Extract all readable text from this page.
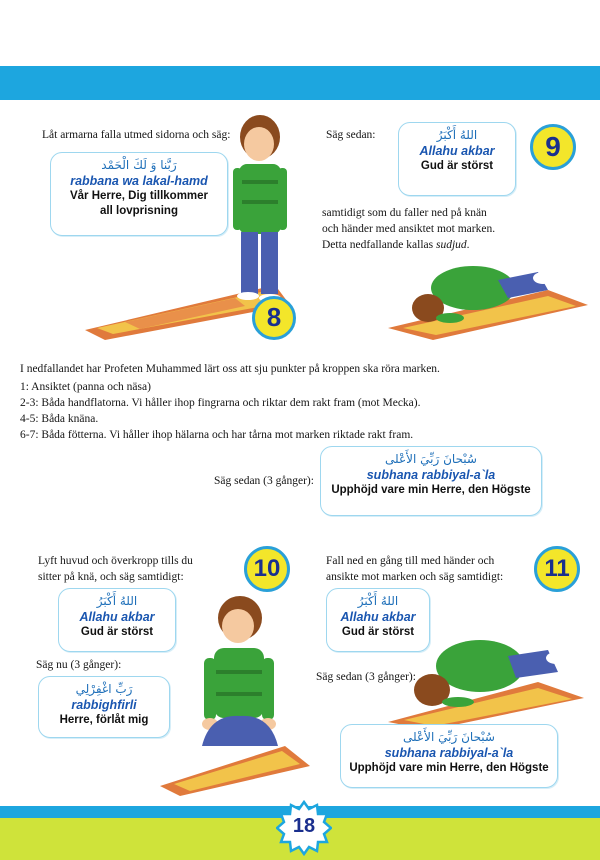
Låt armarna falla utmed sidorna och säg:
رَبَّنا وَ لَكَ الْحَمْد
rabbana wa lakal-hamd
Vår Herre, Dig tillkommer
all lovprisning
8
Säg sedan:	اللهُ أَكْبَرُ
Allahu akbar
Gud är störst
9
samtidigt som du faller ned på knän
och händer med ansiktet mot marken.
Detta nedfallande kallas sudjud.
I nedfallandet har Profeten Muhammed lärt oss att sju punkter på kroppen ska röra marken.
1: Ansiktet (panna och näsa)
2-3: Båda handflatorna. Vi håller ihop fingrarna och riktar dem rakt fram (mot Mecka).
4-5: Båda knäna.
6-7: Båda fötterna. Vi håller ihop hälarna och har tårna mot marken riktade rakt fram.
Säg sedan (3 gånger):
سُبْحانَ رَبِّيَ الأَعْلى
subhana rabbiyal-a`la
Upphöjd vare min Herre, den Högste
Lyft huvud och överkropp tills du
sitter på knä, och säg samtidigt:	10
اللهُ أَكْبَرُ
Allahu akbar
Gud är störst
Säg nu (3 gånger):
رَبِّ اغْفِرْلِي
rabbighfirli
Herre, förlåt mig
Fall ned en gång till med händer och
ansikte mot marken och säg samtidigt:	11
اللهُ أَكْبَرُ
Allahu akbar
Gud är störst
Säg sedan (3 gånger):
سُبْحانَ رَبِّيَ الأَعْلى
subhana rabbiyal-a`la
Upphöjd vare min Herre, den Högste
18
